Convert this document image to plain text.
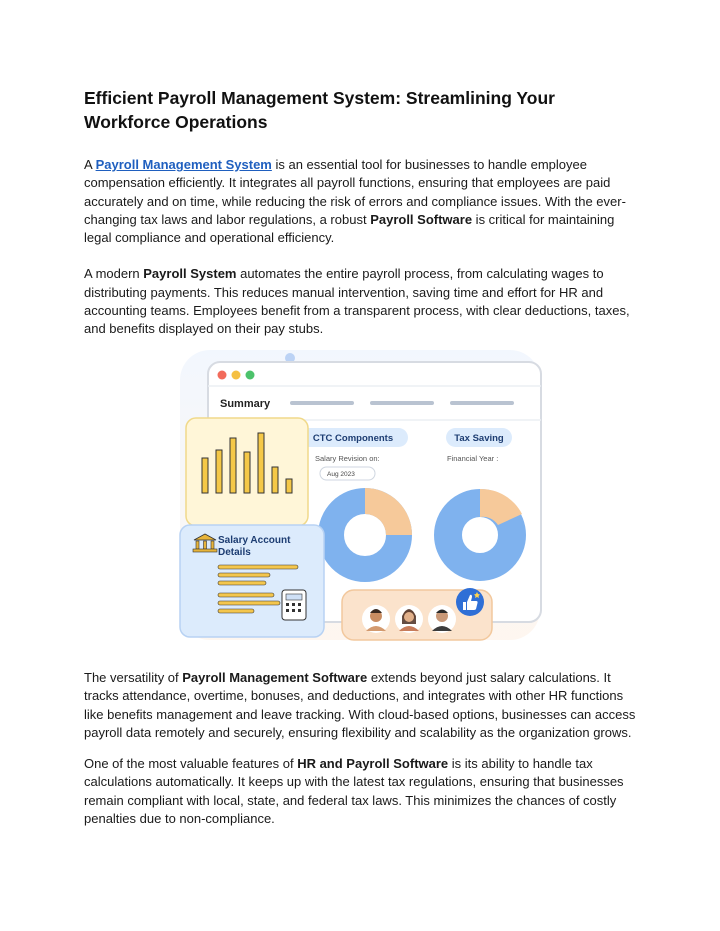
Efficient Payroll Management System: Streamlining Your Workforce Operations

A Payroll Management System is an essential tool for businesses to handle employee compensation efficiently. It integrates all payroll functions, ensuring that employees are paid accurately and on time, while reducing the risk of errors and compliance issues. With the ever-changing tax laws and labor regulations, a robust Payroll Software is critical for maintaining legal compliance and operational efficiency.

A modern Payroll System automates the entire payroll process, from calculating wages to distributing payments. This reduces manual intervention, saving time and effort for HR and accounting teams. Employees benefit from a transparent process, with clear deductions, taxes, and benefits displayed on their pay stubs.

Summary
CTC Components
Salary Revision on:
Aug 2023
Tax Saving
Financial Year :
Salary Account
Details

The versatility of Payroll Management Software extends beyond just salary calculations. It tracks attendance, overtime, bonuses, and deductions, and integrates with other HR functions like benefits management and leave tracking. With cloud-based options, businesses can access payroll data remotely and securely, ensuring flexibility and scalability as the organization grows.

One of the most valuable features of HR and Payroll Software is its ability to handle tax calculations automatically. It keeps up with the latest tax regulations, ensuring that businesses remain compliant with local, state, and federal tax laws. This minimizes the chances of costly penalties due to non-compliance.
